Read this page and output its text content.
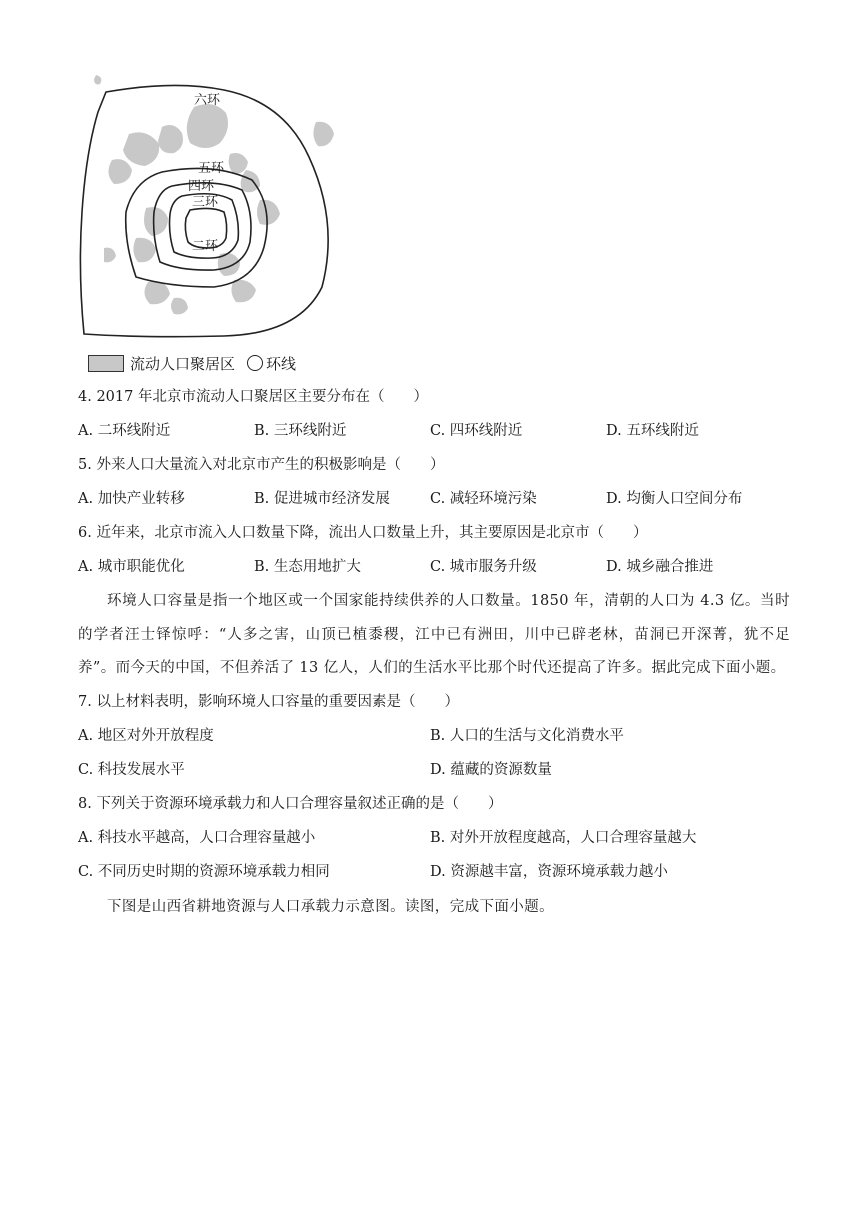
六环
五环
四环
三环
二环
流动人口聚居区 环线
4. 2017 年北京市流动人口聚居区主要分布在（　　）
A. 二环线附近	B. 三环线附近	C. 四环线附近	D. 五环线附近
5. 外来人口大量流入对北京市产生的积极影响是（　　）
A. 加快产业转移	B. 促进城市经济发展	C. 减轻环境污染	D. 均衡人口空间分布
6. 近年来，北京市流入人口数量下降，流出人口数量上升，其主要原因是北京市（　　）
A. 城市职能优化	B. 生态用地扩大	C. 城市服务升级	D. 城乡融合推进
环境人口容量是指一个地区或一个国家能持续供养的人口数量。1850 年，清朝的人口为 4.3 亿。当时的学者汪士铎惊呼：“人多之害，山顶已植黍稷，江中已有洲田，川中已辟老林，苗洞已开深菁，犹不足养”。而今天的中国，不但养活了 13 亿人，人们的生活水平比那个时代还提高了许多。据此完成下面小题。
7. 以上材料表明，影响环境人口容量的重要因素是（　　）
A. 地区对外开放程度	B. 人口的生活与文化消费水平
C. 科技发展水平	D. 蕴藏的资源数量
8. 下列关于资源环境承载力和人口合理容量叙述正确的是（　　）
A. 科技水平越高，人口合理容量越小	B. 对外开放程度越高，人口合理容量越大
C. 不同历史时期的资源环境承载力相同	D. 资源越丰富，资源环境承载力越小
下图是山西省耕地资源与人口承载力示意图。读图，完成下面小题。
